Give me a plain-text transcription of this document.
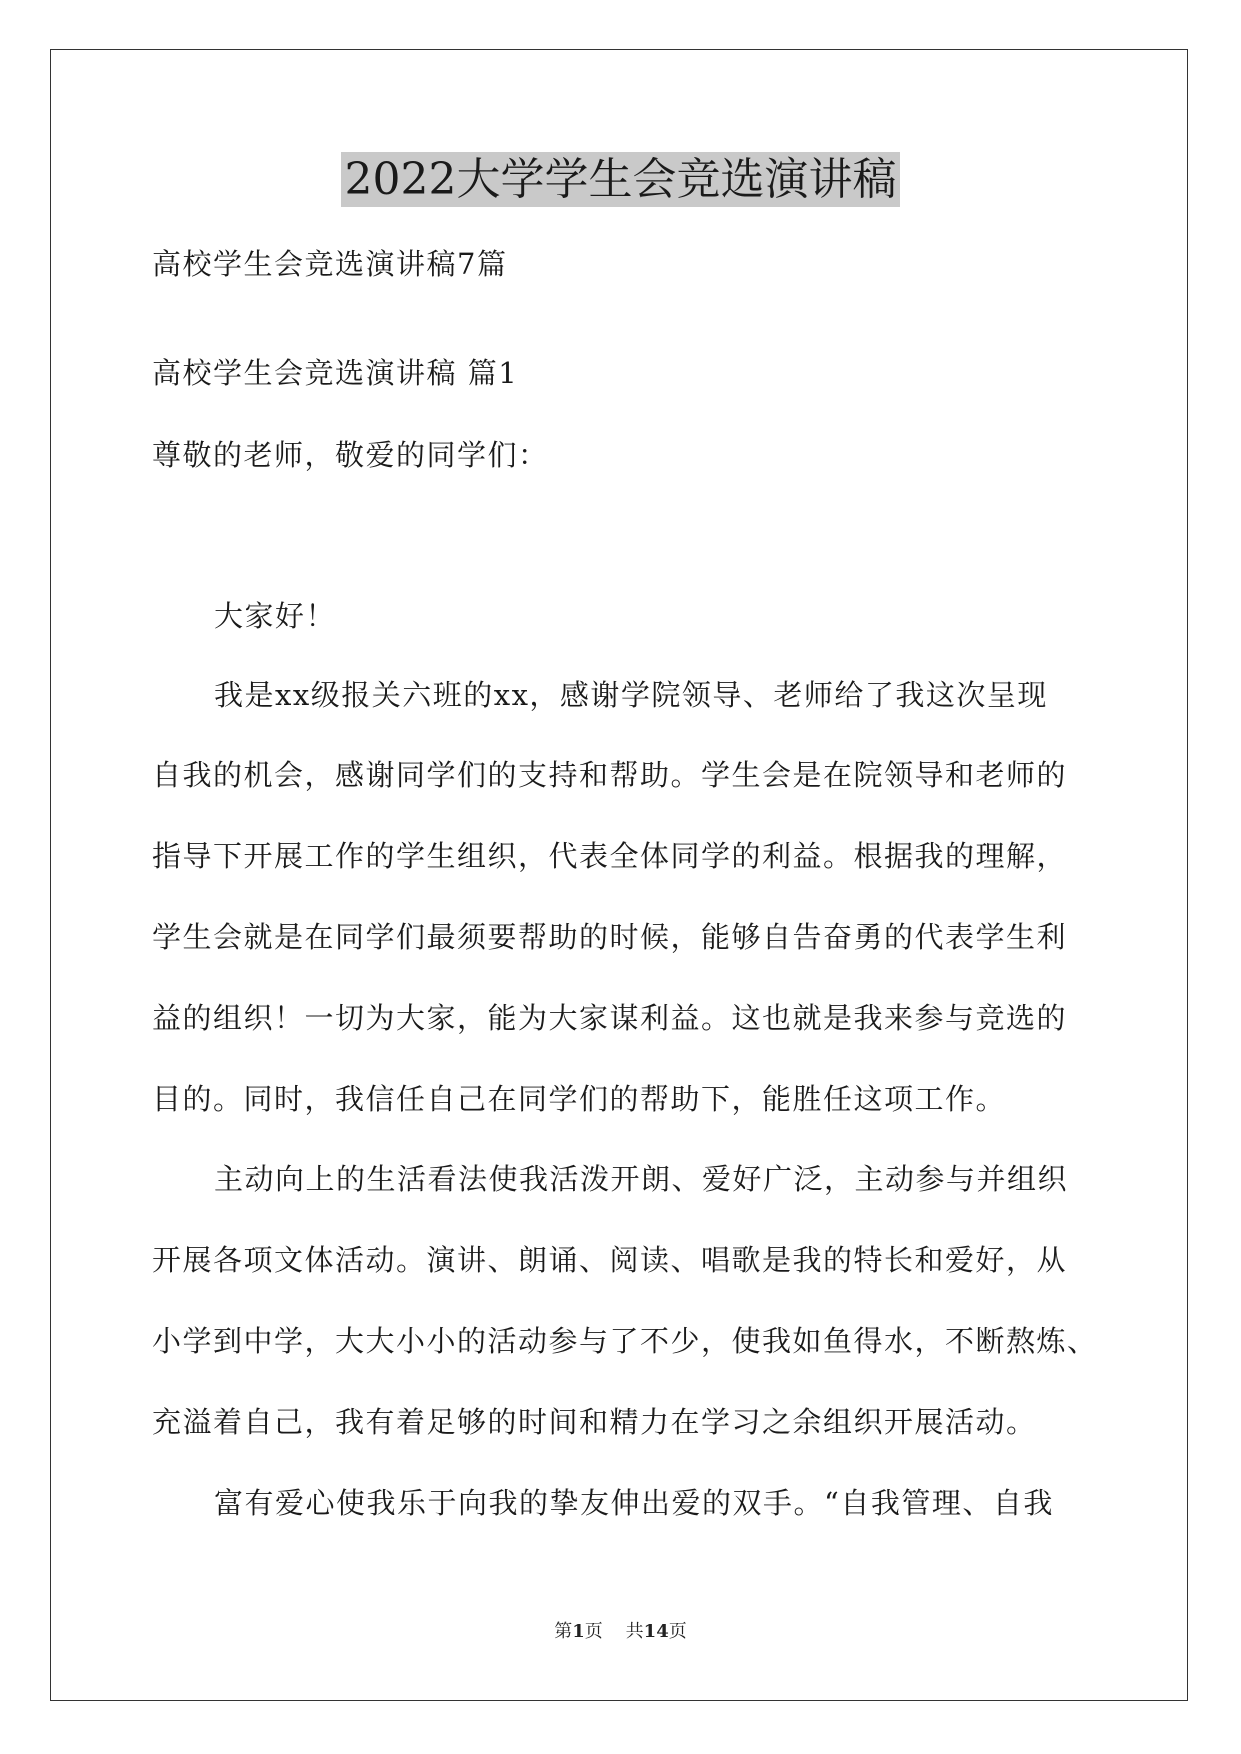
2022大学学生会竞选演讲稿
高校学生会竞选演讲稿7篇
高校学生会竞选演讲稿 篇1
尊敬的老师，敬爱的同学们：
大家好！
我是xx级报关六班的xx，感谢学院领导、老师给了我这次呈现
自我的机会，感谢同学们的支持和帮助。学生会是在院领导和老师的
指导下开展工作的学生组织，代表全体同学的利益。根据我的理解，
学生会就是在同学们最须要帮助的时候，能够自告奋勇的代表学生利
益的组织！一切为大家，能为大家谋利益。这也就是我来参与竞选的
目的。同时，我信任自己在同学们的帮助下，能胜任这项工作。
主动向上的生活看法使我活泼开朗、爱好广泛，主动参与并组织
开展各项文体活动。演讲、朗诵、阅读、唱歌是我的特长和爱好，从
小学到中学，大大小小的活动参与了不少，使我如鱼得水，不断熬炼、
充溢着自己，我有着足够的时间和精力在学习之余组织开展活动。
富有爱心使我乐于向我的挚友伸出爱的双手。“自我管理、自我
第1页 共14页
